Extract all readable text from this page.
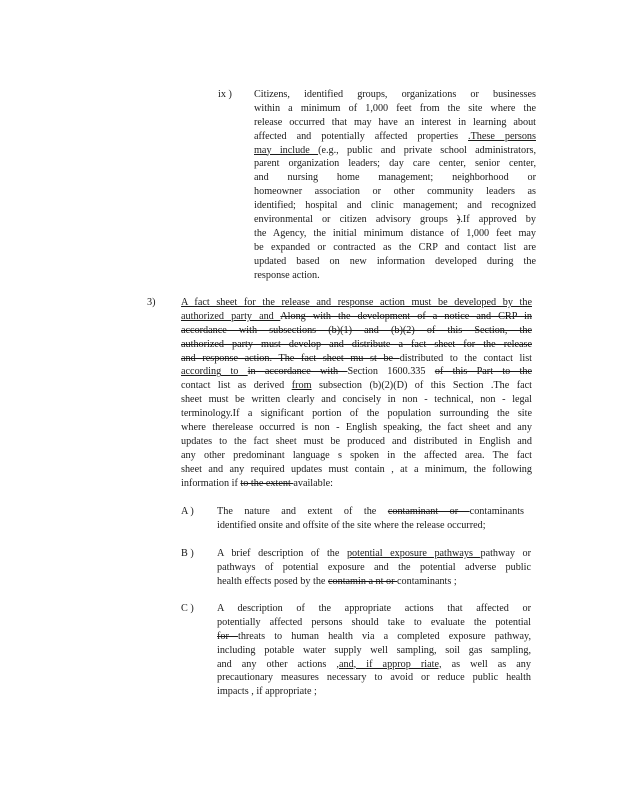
ix ) Citizens, identified groups, organizations or businesses
within a minimum of 1,000 feet from the site where the
release occurred that may have an interest in learning about
affected and potentially affected properties .These persons
may include (e.g., public and private school administrators,
parent organization leaders; day care center, senior center,
and nursing home management; neighborhood or
homeowner association or other community leaders as
identified; hospital and clinic management; and recognized
environmental or citizen advisory groups ).If approved by
the Agency, the initial minimum distance of 1,000 feet may
be expanded or contracted as the CRP and contact list are
updated based on new information developed during the
response action.
3)	A fact sheet for the release and response action must be developed by the
authorized party and Along with the development of a notice and CRP in
accordance with subsections (b)(1) and (b)(2) of this Section, the
authorized party must develop and distribute a fact sheet for the release
and response action. The fact sheet mu st be distributed to the contact list
according to in accordance with Section 1600.335 of this Part to the
contact list as derived from subsection (b)(2)(D) of this Section .The fact
sheet must be written clearly and concisely in non - technical, non - legal
terminology.If a significant portion of the population surrounding the site
where therelease occurred is non - English speaking, the fact sheet and any
updates to the fact sheet must be produced and distributed in English and
any other predominant language s spoken in the affected area. The fact
sheet and any required updates must contain , at a minimum, the following
information if to the extent available:
A ) The nature and extent of the contaminant or contaminants
identified onsite and offsite of the site where the release occurred;
B ) A brief description of the potential exposure pathways pathway or
pathways of potential exposure and the potential adverse public
health effects posed by the contamin a nt or contaminants ;
C ) A description of the appropriate actions that affected or
potentially affected persons should take to evaluate the potential
for threats to human health via a completed exposure pathway,
including potable water supply well sampling, soil gas sampling,
and any other actions ,and, if approp riate, as well as any
precautionary measures necessary to avoid or reduce public health
impacts , if appropriate ;
